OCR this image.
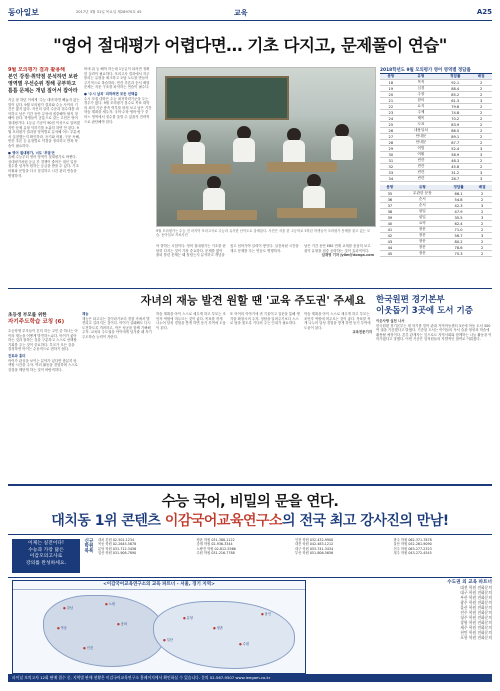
동아일보	2017년 3월 31일 목요일 제28970호 45	교육	A25
"영어 절대평가 어렵다면… 기초 다지고, 문제풀이 연습"
9월 모의평가 결과 활용해
본인 강점·취약점 분석하면 보완 영역별 우선순위 정해 공부하고 틈틈 문제는 개념 짚어서 잡아라
지금 잘 하던 이에게 '수능 대비'라면 빼놓지 않는 말이 있다. 9월 모의평가 결과와 수능 사이의 기간은 많지 않다. 자신의 실력 수준과 점수대를 파악하고 남은 기간 동안 무엇에 집중해야 할지 정해야 한다. 학생들이 공통으로 갖는 고민은 영어 절대평가다. 1등급 기준이 90점 이상으로 알려졌지만 문제 유형 익히기를 소홀히 하면 안 된다. 9월 모의평가 결과를 영역별로 분석해 어느 부분에서 실점했는지 확인하라. 듣기와 어휘, 구문 독해, 빈칸 추론 등 유형별로 약점을 정리하고 반복 학습이 필요하다.
● 영어 절대평가, 너도 '부담'은
올해 수능부터 영어 영역이 절대평가로 바뀐다. 상대평가처럼 등급 간 경쟁이 줄어든 대신 일정 점수를 넘겨야 원하는 등급을 받을 수 있다. 기초 어휘와 문법을 다시 점검하고 시간 관리 연습을 병행하자.
비에 위 등 해야 하는데 1등급이 되려면 정확한 실력이 필요하다. 모의고사 결과에서 자주 틀리는 유형을 체크하고 오답 노트를 만들어 주기적으로 복습하라. 빈칸 추론과 순서 배열 문제는 지문 구조를 파악하는 연습이 필수다.
● '수시 납치' 피하려면 모든 선택을
수시 모집 대학은 수능 최저학력기준을 두는 경우가 많다. 9월 모의평가 점수로 목표 대학의 최저 기준 충족 여부를 따져 보고 남은 기간 학습 계획을 세우자. 국어·수학·영어·탐구 중 어느 영역에서 점수를 올릴 수 있을지 전략적으로 판단해야 한다.
9월 모의평가는 수능 전 마지막 모의고사로 수능과 유사한 난이도로 출제된다. 사진은 서울 한 고등학교 3학년 학생들이 모의평가 문제를 풀고 있는 모습. 동아일보 자료사진
아 향하는 시험이다. 영어 절대평가는 기초를 탄탄히 다지는 것이 가장 중요하다. 문제를 많이 풀되 틀린 문제는 왜 틀렸는지 분석하고 개념을 짚고 넘어가야 실력이 쌓인다. 실전처럼 시간을 재고 문제를 푸는 연습도 병행하자.
남은 기간 동안 EBS 연계 교재를 꼼꼼히 보고 취약 유형을 집중 공략하는 것이 효과적이다.
임재영 기자 jylim@donga.com
2018학년도 9월 모의평가 영어 영역별 정답률
문항	유형	정답률	배점
18	목적	92.1	2
19	심경	88.4	2
20	주장	85.2	2
21	함의	61.3	3
22	요지	79.6	2
23	주제	74.8	2
24	제목	70.2	2
25	도표	83.9	2
26	내용일치	86.5	2
27	안내문	89.1	2
28	안내문	87.7	2
29	어법	52.4	3
30	어휘	58.9	3
31	빈칸	48.3	2
32	빈칸	45.6	2
33	빈칸	31.2	3
34	빈칸	28.7	3
문항	유형	정답률	배점
35	무관한 문장	66.1	2
36	순서	54.8	2
37	순서	42.3	3
38	삽입	47.9	2
39	삽입	35.5	3
40	요약	62.4	2
41	장문	71.0	2
42	장문	56.7	3
43	장문	80.2	2
44	장문	78.6	2
45	장문	75.3	2
자녀의 재능 발견 원할 땐 '교육 주도권' 주세요
초등생 부모를 위한
자기주도학습 코칭 (6)
초등학생 부모들이 흔히 하는 고민 중 하나는 아이의 재능을 어떻게 발견하느냐다. 아이가 좋아하는 것과 잘하는 것을 구분하고 스스로 선택할 기회를 주는 것이 중요하다. 부모가 모든 것을 결정하면 아이는 수동적으로 변하기 쉽다.
진로와 흥미
아이가 관심을 보이는 분야가 있다면 충분히 탐색할 시간을 주자. 여러 활동을 경험하며 스스로 강점을 깨닫게 하는 것이 바람직하다.
재능
재능은 타고나는 것이라기보다 경험 속에서 발견되고 길러지는 것이다. 아이가 실패해도 다시 도전하도록 격려하고, 작은 성공을 함께 기뻐해 주자. 교육의 주도권을 아이에게 넘겨줄 때 자기주도학습 능력이 자란다.
학습 계획을 아이 스스로 세우게 하고 부모는 조언자 역할에 머무르는 것이 좋다. 목표를 작게 나누어 달성 경험을 쌓게 하면 동기 부여에 도움이 된다.
또 아이의 이야기에 귀 기울이고 질문을 통해 생각을 확장시켜 주자. 정답을 알려주기보다 스스로 답을 찾도록 기다려 주는 인내가 필요하다.
학습 계획을 아이 스스로 세우게 하고 부모는 조언자 역할에 머무르는 것이 좋다. 목표를 작게 나누어 달성 경험을 쌓게 하면 동기 부여에 도움이 된다.
교육전문기자
한국원편 경기본부
이웃돕기 3곳에 도서 기증
이웃사랑 실천 나서
한국원편 경기본부는 새 학기를 맞아 관내 지역아동센터 3곳에 아동 도서 300여 권을 기증했다고 밝혔다. 기증된 도서는 아이들의 독서 습관 형성과 학습에 활용될 예정이다. 본부 관계자는 앞으로도 지역사회와 함께하는 나눔 활동을 이어가겠다고 말했다. 이번 기증은 임직원들의 자발적인 참여로 이뤄졌다.
수능 국어, 비밀의 문을 연다.
대치동 1위 콘텐츠 이감국어교육연구소의 전국 최고 강사진의 만남!
이제는 실전이다!
수능과 가장 닮은
이감모의고사로
강의를 완성하세요.
신규 학원 목록
대치 본원 02-501-1234
목동 학원 02-2645-5678
분당 학원 031-712-3456
일산 학원 031-908-7890
평촌 학원 031-388-1122
중계 학원 02-936-3344
노량진 학원 02-812-5566
수원 학원 031-216-7788
인천 학원 032-432-9900
대전 학원 042-483-1212
대구 학원 053-741-3434
부산 학원 051-806-5656
광주 학원 062-371-7878
울산 학원 052-261-9090
전주 학원 063-277-2323
청주 학원 043-272-4545
<이감국어교육연구소의 교육 파트너 - 서울, 경기 지역>
● 강남
● 목동
● 노원
● 송파
● 분당
● 일산
● 평촌
● 수원
● 용인
● 인천
수도권 외 교육 파트너
대전 학원 전화문의
대구 학원 전화문의
부산 학원 전화문의
광주 학원 전화문의
울산 학원 전화문의
전주 학원 전화문의
청주 학원 전화문의
창원 학원 전화문의
제주 학원 전화문의
천안 학원 전화문의
포항 학원 전화문의
파이널 모의고사 12회 판매 접수 중, 지역별 판매 현황은 이감국어교육연구소 홈페이지에서 확인하실 수 있습니다. 문의 02-567-9507 www.leegam.co.kr
